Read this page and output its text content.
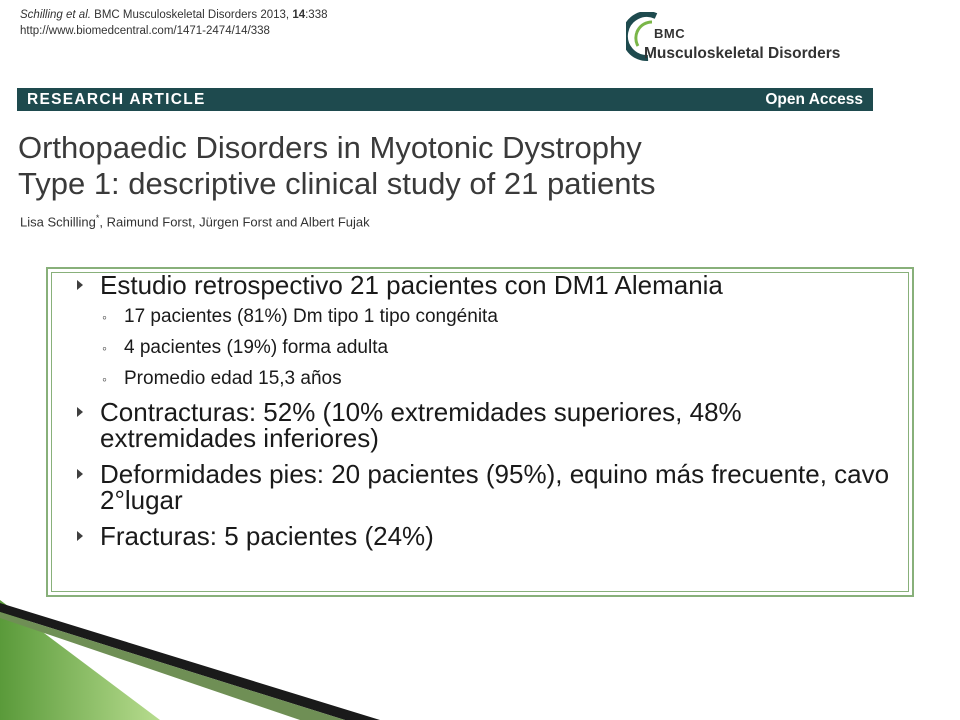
Schilling et al. BMC Musculoskeletal Disorders 2013, 14:338
http://www.biomedcentral.com/1471-2474/14/338	BMC
Musculoskeletal Disorders
RESEARCH ARTICLE	Open Access
Orthopaedic Disorders in Myotonic Dystrophy
Type 1: descriptive clinical study of 21 patients
Lisa Schilling*, Raimund Forst, Jürgen Forst and Albert Fujak
Estudio retrospectivo 21 pacientes con DM1 Alemania
◦ 17 pacientes (81%) Dm tipo 1 tipo congénita
◦ 4 pacientes (19%) forma adulta
◦ Promedio edad 15,3 años
Contracturas: 52% (10% extremidades superiores, 48% extremidades inferiores)
Deformidades pies: 20 pacientes (95%), equino más frecuente, cavo 2°lugar
Fracturas: 5 pacientes (24%)
